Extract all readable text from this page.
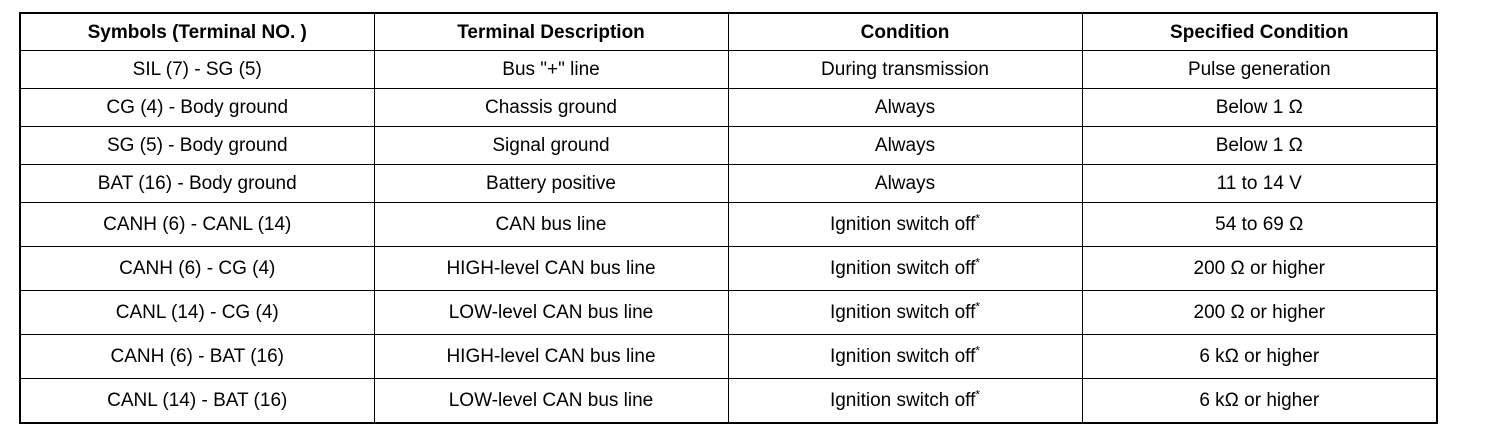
Symbols (Terminal NO. )	Terminal Description	Condition	Specified Condition
SIL (7) - SG (5)	Bus "+" line	During transmission	Pulse generation
CG (4) - Body ground	Chassis ground	Always	Below 1 Ω
SG (5) - Body ground	Signal ground	Always	Below 1 Ω
BAT (16) - Body ground	Battery positive	Always	11 to 14 V
CANH (6) - CANL (14)	CAN bus line	Ignition switch off*	54 to 69 Ω
CANH (6) - CG (4)	HIGH-level CAN bus line	Ignition switch off*	200 Ω or higher
CANL (14) - CG (4)	LOW-level CAN bus line	Ignition switch off*	200 Ω or higher
CANH (6) - BAT (16)	HIGH-level CAN bus line	Ignition switch off*	6 kΩ or higher
CANL (14) - BAT (16)	LOW-level CAN bus line	Ignition switch off*	6 kΩ or higher
